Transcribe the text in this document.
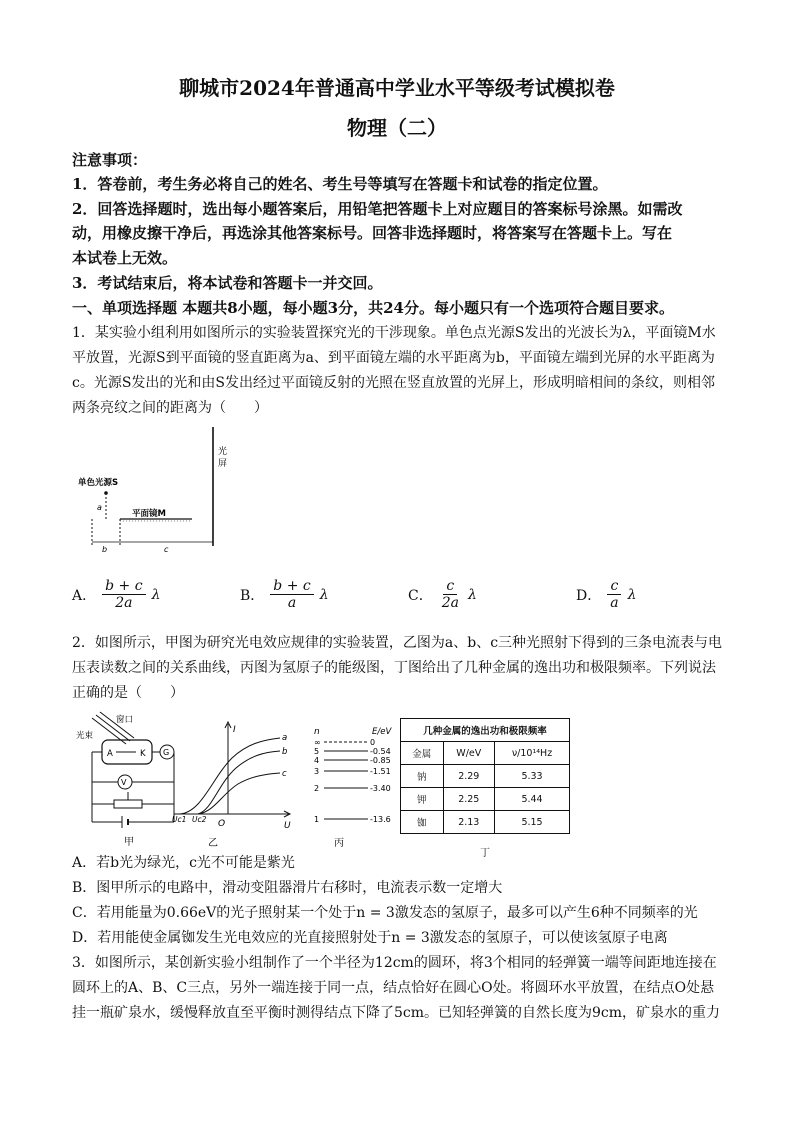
聊城市2024年普通高中学业水平等级考试模拟卷
物理（二）
注意事项：
1．答卷前，考生务必将自己的姓名、考生号等填写在答题卡和试卷的指定位置。
2．回答选择题时，选出每小题答案后，用铅笔把答题卡上对应题目的答案标号涂黑。如需改
动，用橡皮擦干净后，再选涂其他答案标号。回答非选择题时，将答案写在答题卡上。写在
本试卷上无效。
3．考试结束后，将本试卷和答题卡一并交回。
一、单项选择题 本题共8小题，每小题3分，共24分。每小题只有一个选项符合题目要求。
1．某实验小组利用如图所示的实验装置探究光的干涉现象。单色点光源S发出的光波长为λ，平面镜M水
平放置，光源S到平面镜的竖直距离为a、到平面镜左端的水平距离为b，平面镜左端到光屏的水平距离为
c。光源S发出的光和由S发出经过平面镜反射的光照在竖直放置的光屏上，形成明暗相间的条纹，则相邻
两条亮纹之间的距离为（　　）
光
屏
单色光源S
a
平面镜M
b	c
A． $\frac{b + c}{2a}$ λ	B． $\frac{b + c}{a}$ λ	C． $\frac{c}{2a}$ λ	D． $\frac{c}{a}$ λ
2．如图所示，甲图为研究光电效应规律的实验装置，乙图为a、b、c三种光照射下得到的三条电流表与电
压表读数之间的关系曲线，丙图为氢原子的能级图，丁图给出了几种金属的逸出功和极限频率。下列说法
正确的是（　　）
窗口
光束
A	K G
V
甲
I
U
O
Uc1 Uc2
a
b
c
乙
n	E/eV
∞	0
5	-0.54
4	-0.85
3	-1.51
2	-3.40
1	-13.6
丙
几种金属的逸出功和极限频率		
金属	W/eV	ν/10¹⁴Hz
钠	2.29	5.33
钾	2.25	5.44
铷	2.13	5.15
丁
A．若b光为绿光，c光不可能是紫光
B．图甲所示的电路中，滑动变阻器滑片右移时，电流表示数一定增大
C．若用能量为0.66eV的光子照射某一个处于n = 3激发态的氢原子，最多可以产生6种不同频率的光
D．若用能使金属铷发生光电效应的光直接照射处于n = 3激发态的氢原子，可以使该氢原子电离
3．如图所示，某创新实验小组制作了一个半径为12cm的圆环，将3个相同的轻弹簧一端等间距地连接在
圆环上的A、B、C三点，另外一端连接于同一点，结点恰好在圆心O处。将圆环水平放置，在结点O处悬
挂一瓶矿泉水，缓慢释放直至平衡时测得结点下降了5cm。已知轻弹簧的自然长度为9cm，矿泉水的重力
